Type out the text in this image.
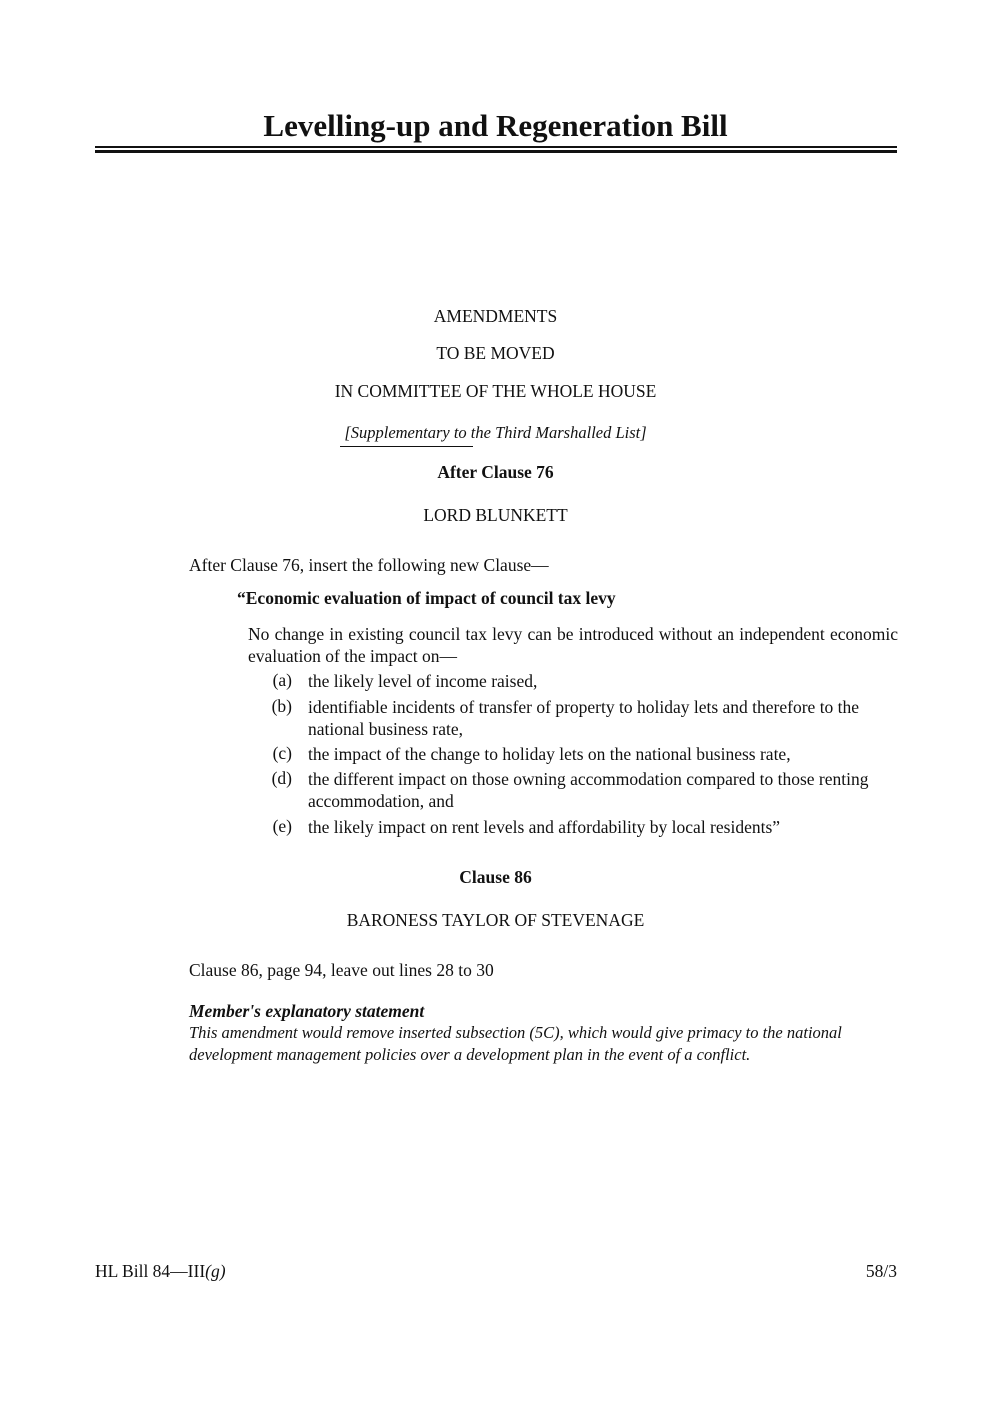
Levelling-up and Regeneration Bill
AMENDMENTS
TO BE MOVED
IN COMMITTEE OF THE WHOLE HOUSE
[Supplementary to the Third Marshalled List]
After Clause 76
LORD BLUNKETT
After Clause 76, insert the following new Clause—
“Economic evaluation of impact of council tax levy
No change in existing council tax levy can be introduced without an independent economic evaluation of the impact on—
(a) the likely level of income raised,
(b) identifiable incidents of transfer of property to holiday lets and therefore to the national business rate,
(c) the impact of the change to holiday lets on the national business rate,
(d) the different impact on those owning accommodation compared to those renting accommodation, and
(e) the likely impact on rent levels and affordability by local residents”
Clause 86
BARONESS TAYLOR OF STEVENAGE
Clause 86, page 94, leave out lines 28 to 30
Member's explanatory statement
This amendment would remove inserted subsection (5C), which would give primacy to the national development management policies over a development plan in the event of a conflict.
HL Bill 84—III(g)	58/3
